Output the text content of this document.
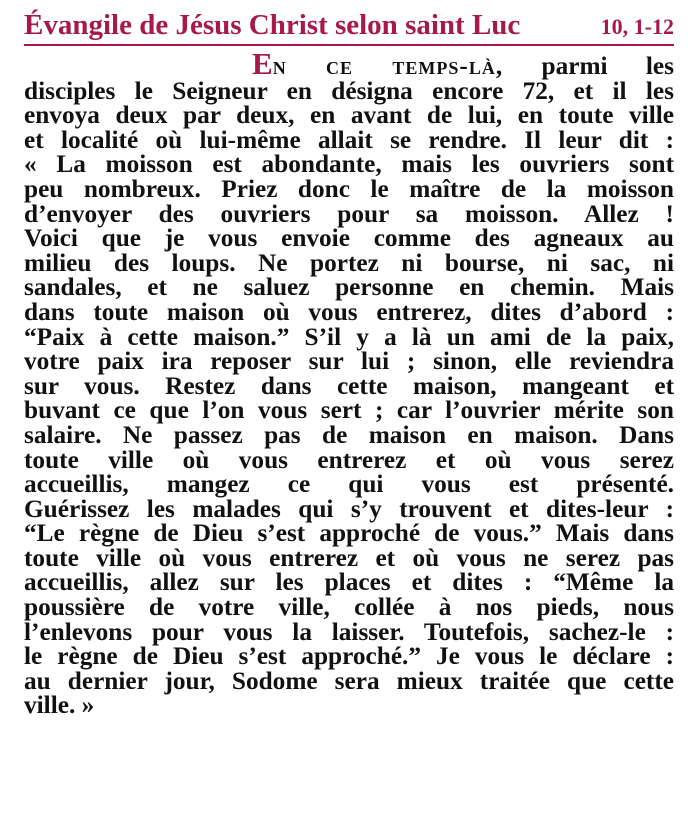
Évangile de Jésus Christ selon saint Luc	10, 1-12
En ce temps-là, parmi les
disciples le Seigneur en désigna encore 72, et il les
envoya deux par deux, en avant de lui, en toute ville
et localité où lui-même allait se rendre. Il leur dit :
« La moisson est abondante, mais les ouvriers sont
peu nombreux. Priez donc le maître de la moisson
d’envoyer des ouvriers pour sa moisson. Allez !
Voici que je vous envoie comme des agneaux au
milieu des loups. Ne portez ni bourse, ni sac, ni
sandales, et ne saluez personne en chemin. Mais
dans toute maison où vous entrerez, dites d’abord :
“Paix à cette maison.” S’il y a là un ami de la paix,
votre paix ira reposer sur lui ; sinon, elle reviendra
sur vous. Restez dans cette maison, mangeant et
buvant ce que l’on vous sert ; car l’ouvrier mérite son
salaire. Ne passez pas de maison en maison. Dans
toute ville où vous entrerez et où vous serez
accueillis, mangez ce qui vous est présenté.
Guérissez les malades qui s’y trouvent et dites-leur :
“Le règne de Dieu s’est approché de vous.” Mais dans
toute ville où vous entrerez et où vous ne serez pas
accueillis, allez sur les places et dites : “Même la
poussière de votre ville, collée à nos pieds, nous
l’enlevons pour vous la laisser. Toutefois, sachez-le :
le règne de Dieu s’est approché.” Je vous le déclare :
au dernier jour, Sodome sera mieux traitée que cette
ville. »
